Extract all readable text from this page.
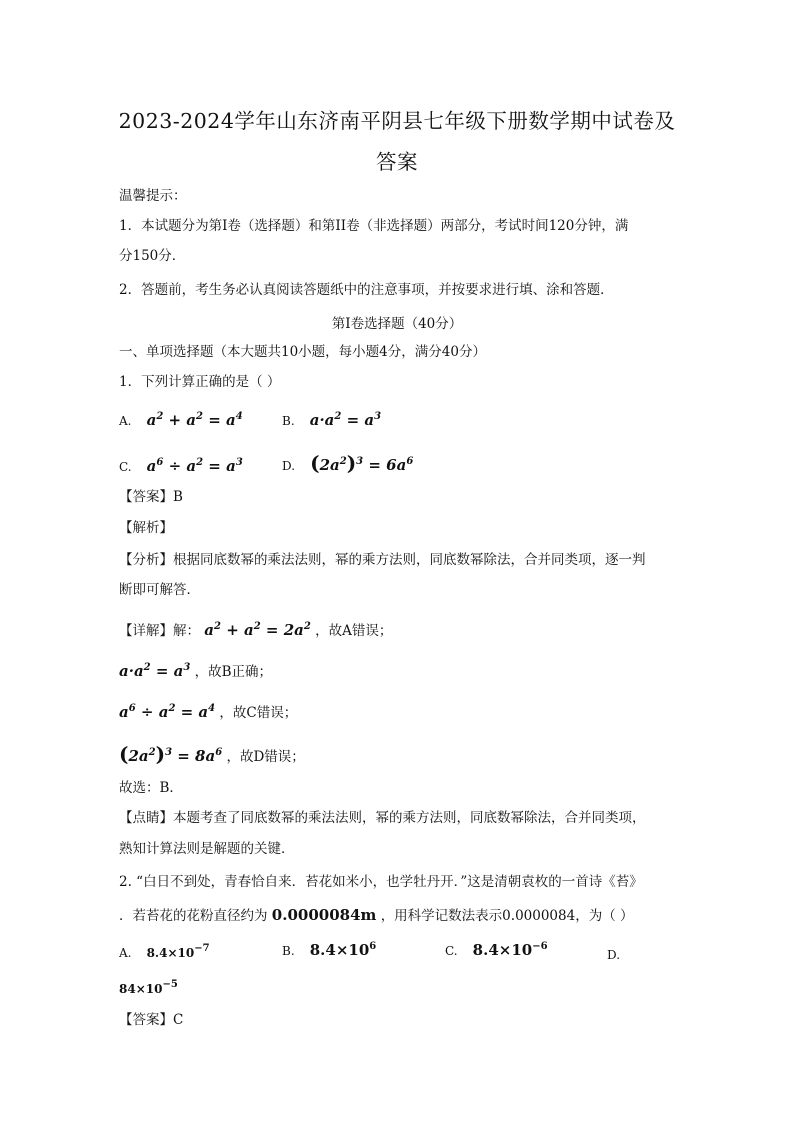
2023-2024学年山东济南平阴县七年级下册数学期中试卷及
答案
温馨提示：
1．本试题分为第Ⅰ卷（选择题）和第II卷（非选择题）两部分，考试时间120分钟，满
分150分．
2．答题前，考生务必认真阅读答题纸中的注意事项，并按要求进行填、涂和答题．
第Ⅰ卷选择题（40分）
一、单项选择题（本大题共10小题，每小题4分，满分40分）
1．下列计算正确的是（ ）
A. $a^2 + a^2 = a^4$	B. $a\cdot a^2 = a^3$
C. $a^6 \div a^2 = a^3$	D. $(2a^2)^3 = 6a^6$
【答案】B
【解析】
【分析】根据同底数幂的乘法法则，幂的乘方法则，同底数幂除法，合并同类项，逐一判
断即可解答．
【详解】解： $a^2 + a^2 = 2a^2$ ，故A错误；
$a\cdot a^2 = a^3$ ，故B正确；
$a^6 \div a^2 = a^4$ ，故C错误；
$(2a^2)^3 = 8a^6$ ，故D错误；
故选：B．
【点睛】本题考查了同底数幂的乘法法则，幂的乘方法则，同底数幂除法，合并同类项，
熟知计算法则是解题的关键．
2. “白日不到处，青春恰自来．苔花如米小，也学牡丹开．”这是清朝袁枚的一首诗《苔》
．若苔花的花粉直径约为 0.0000084m ，用科学记数法表示0.0000084，为（ ）
A. $8.4\times 10^{-7}$	B. $8.4\times 10^6$	C. $8.4\times 10^{-6}$
D.
$84\times 10^{-5}$
【答案】C
